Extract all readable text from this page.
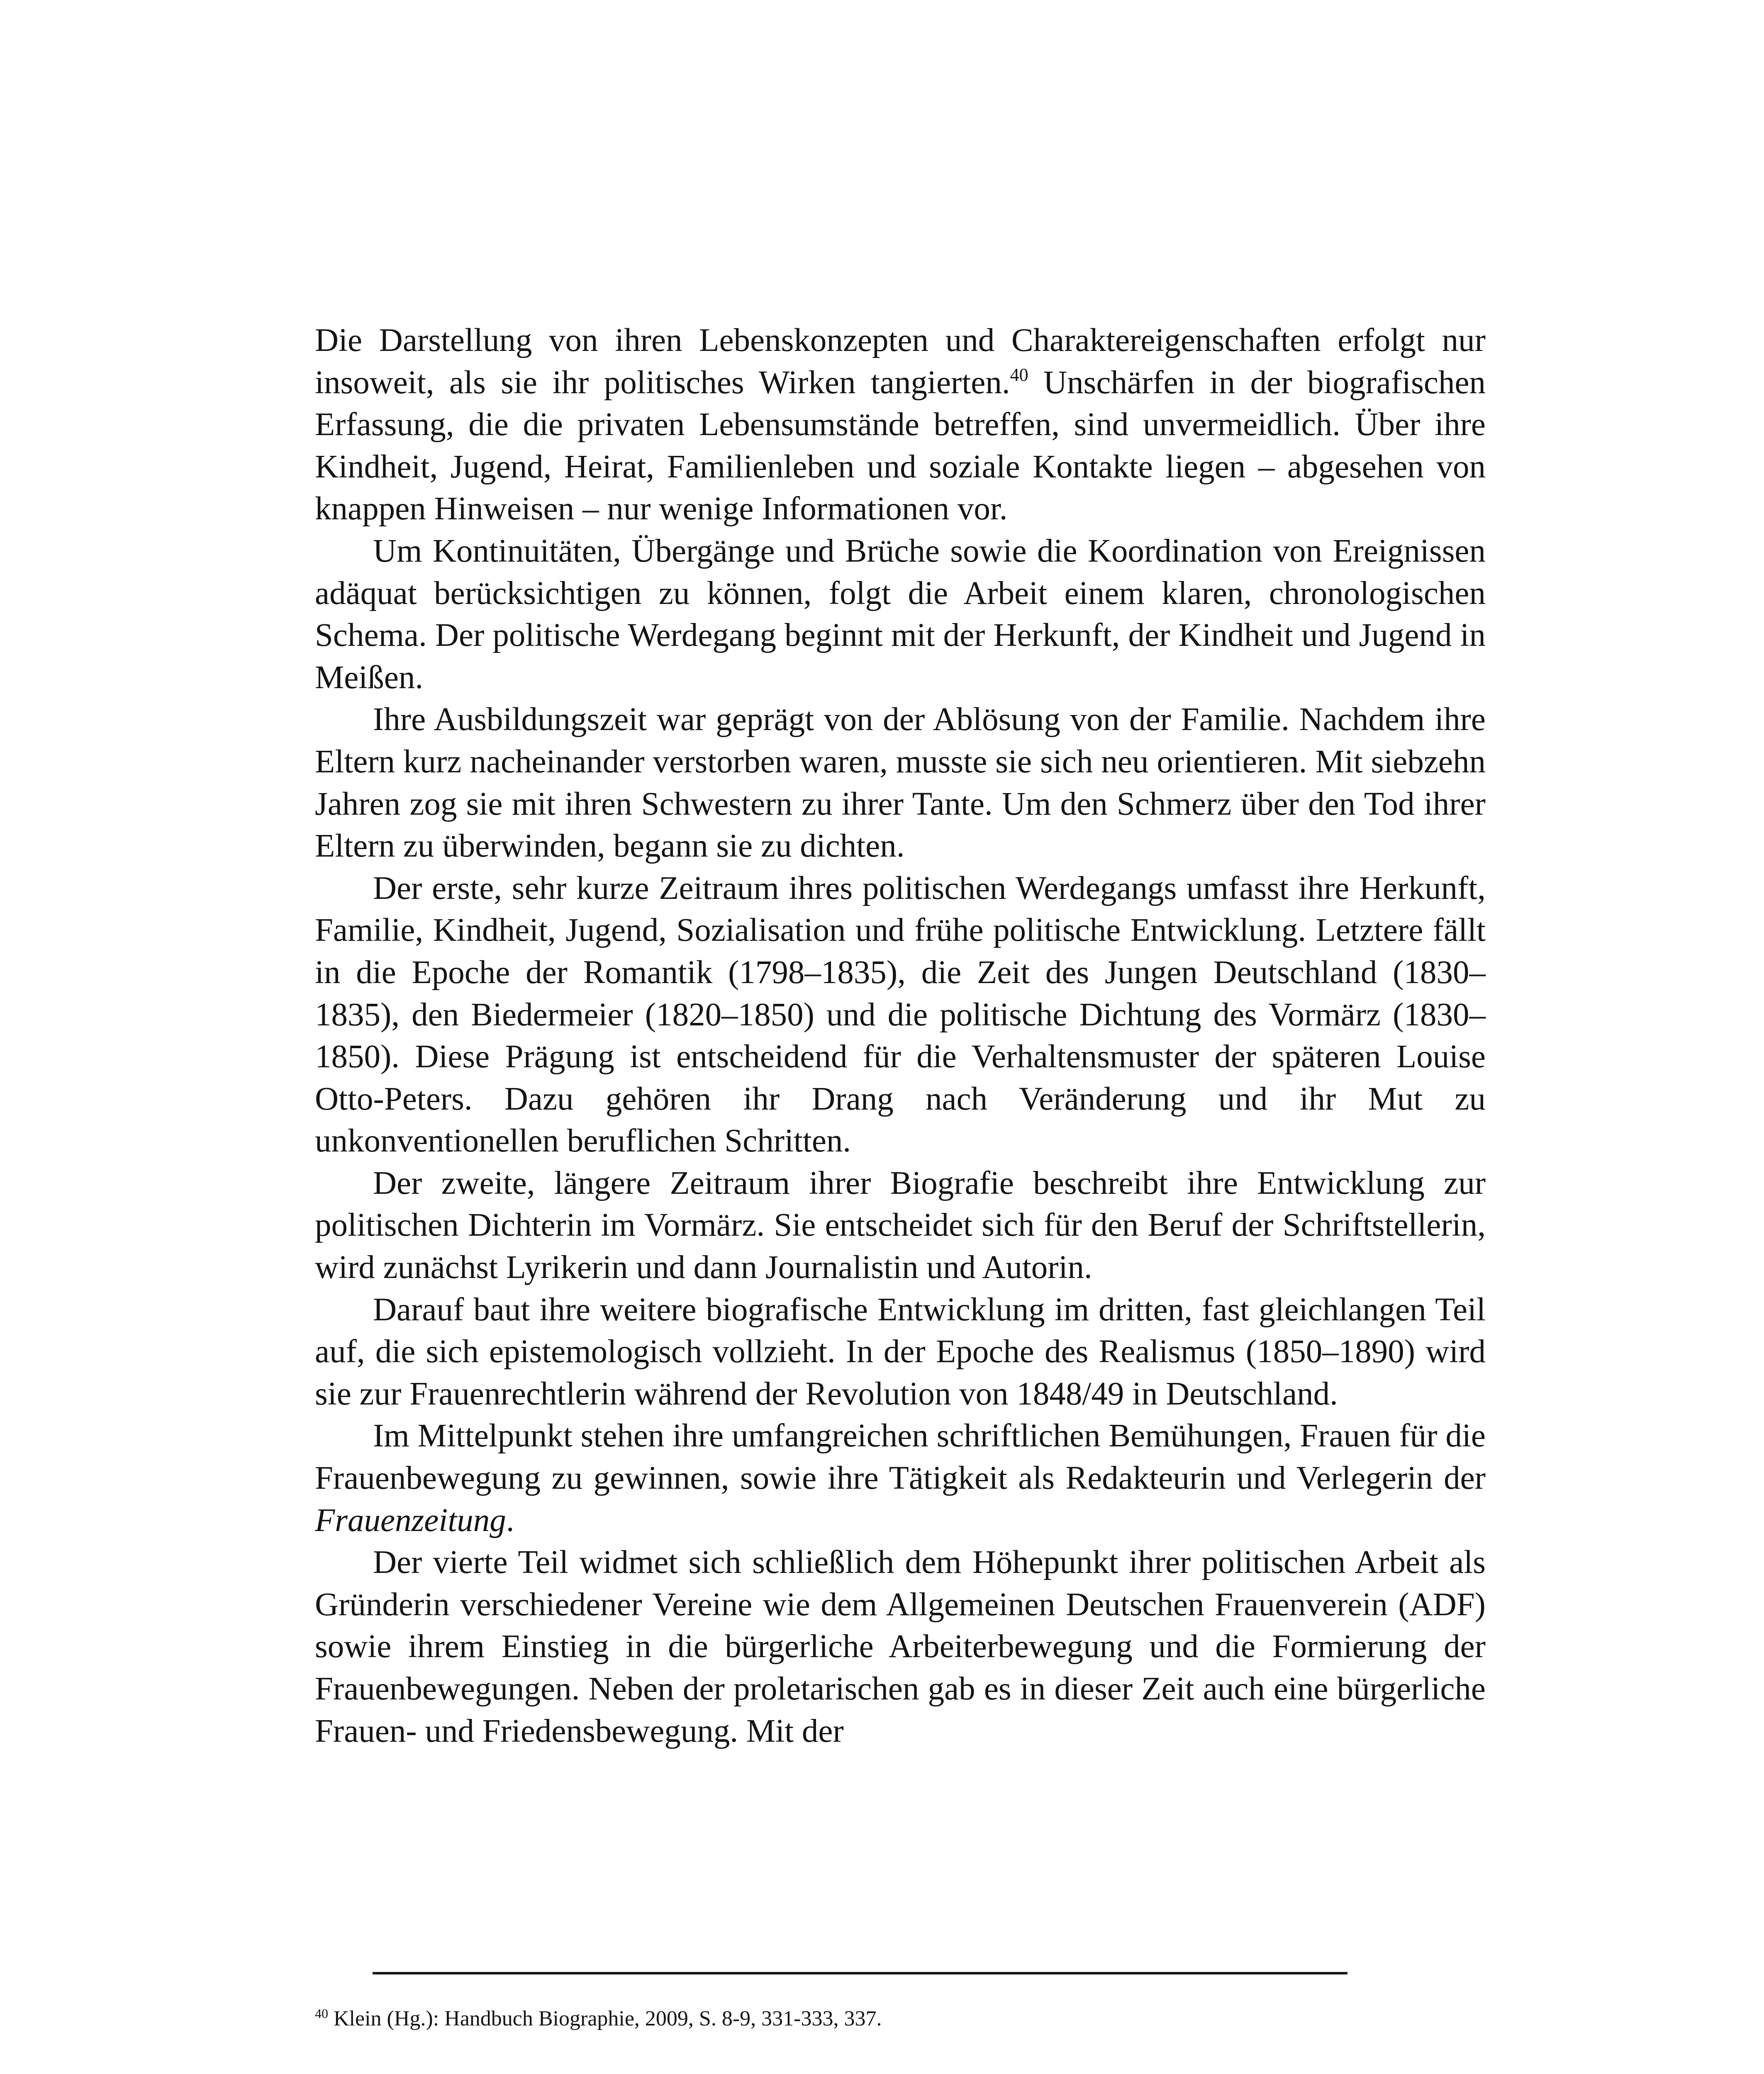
Die Darstellung von ihren Lebenskonzepten und Charaktereigenschaften erfolgt nur insoweit, als sie ihr politisches Wirken tangierten.$^{40}$ Unschärfen in der biografischen Erfassung, die die privaten Lebensumstände betreffen, sind unvermeidlich. Über ihre Kindheit, Jugend, Heirat, Familienleben und soziale Kontakte liegen – abgesehen von knappen Hinweisen – nur wenige Informationen vor.

Um Kontinuitäten, Übergänge und Brüche sowie die Koordination von Ereignissen adäquat berücksichtigen zu können, folgt die Arbeit einem klaren, chronologischen Schema. Der politische Werdegang beginnt mit der Herkunft, der Kindheit und Jugend in Meißen.

Ihre Ausbildungszeit war geprägt von der Ablösung von der Familie. Nachdem ihre Eltern kurz nacheinander verstorben waren, musste sie sich neu orientieren. Mit siebzehn Jahren zog sie mit ihren Schwestern zu ihrer Tante. Um den Schmerz über den Tod ihrer Eltern zu überwinden, begann sie zu dichten.

Der erste, sehr kurze Zeitraum ihres politischen Werdegangs umfasst ihre Herkunft, Familie, Kindheit, Jugend, Sozialisation und frühe politische Entwicklung. Letztere fällt in die Epoche der Romantik (1798–1835), die Zeit des Jungen Deutschland (1830–1835), den Biedermeier (1820–1850) und die politische Dichtung des Vormärz (1830–1850). Diese Prägung ist entscheidend für die Verhaltensmuster der späteren Louise Otto-Peters. Dazu gehören ihr Drang nach Veränderung und ihr Mut zu unkonventionellen beruflichen Schritten.

Der zweite, längere Zeitraum ihrer Biografie beschreibt ihre Entwicklung zur politischen Dichterin im Vormärz. Sie entscheidet sich für den Beruf der Schriftstellerin, wird zunächst Lyrikerin und dann Journalistin und Autorin.

Darauf baut ihre weitere biografische Entwicklung im dritten, fast gleichlangen Teil auf, die sich epistemologisch vollzieht. In der Epoche des Realismus (1850–1890) wird sie zur Frauenrechtlerin während der Revolution von 1848/49 in Deutschland.

Im Mittelpunkt stehen ihre umfangreichen schriftlichen Bemühungen, Frauen für die Frauenbewegung zu gewinnen, sowie ihre Tätigkeit als Redakteurin und Verlegerin der Frauenzeitung.

Der vierte Teil widmet sich schließlich dem Höhepunkt ihrer politischen Arbeit als Gründerin verschiedener Vereine wie dem Allgemeinen Deutschen Frauenverein (ADF) sowie ihrem Einstieg in die bürgerliche Arbeiterbewegung und die Formierung der Frauenbewegungen. Neben der proletarischen gab es in dieser Zeit auch eine bürgerliche Frauen- und Friedensbewegung. Mit der

$^{40}$ Klein (Hg.): Handbuch Biographie, 2009, S. 8-9, 331-333, 337.
